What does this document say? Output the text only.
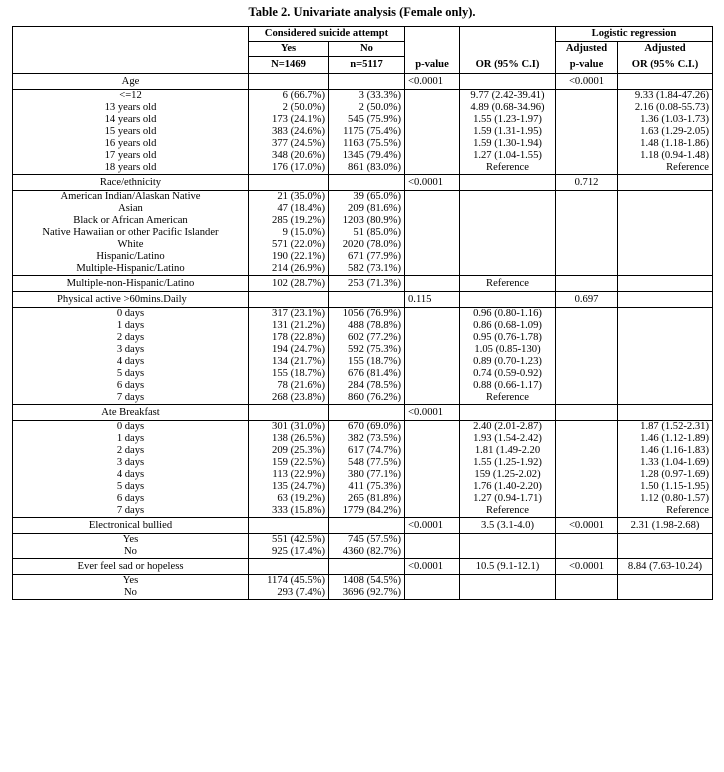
Table 2. Univariate analysis (Female only).
	Considered suicide attempt				Logistic regression	
	Yes	No			Adjusted	Adjusted
	N=1469	n=5117	p-value	OR (95% C.I)	p-value	OR (95% C.I.)
Age			<0.0001		<0.0001	
<=12	6 (66.7%)	3 (33.3%)		9.77 (2.42-39.41)		9.33 (1.84-47.26)
13 years old	2 (50.0%)	2 (50.0%)		4.89 (0.68-34.96)		2.16 (0.08-55.73)
14 years old	173 (24.1%)	545 (75.9%)		1.55 (1.23-1.97)		1.36 (1.03-1.73)
15 years old	383 (24.6%)	1175 (75.4%)		1.59 (1.31-1.95)		1.63 (1.29-2.05)
16 years old	377 (24.5%)	1163 (75.5%)		1.59 (1.30-1.94)		1.48 (1.18-1.86)
17 years old	348 (20.6%)	1345 (79.4%)		1.27 (1.04-1.55)		1.18 (0.94-1.48)
18 years old	176 (17.0%)	861 (83.0%)		Reference		Reference
Race/ethnicity			<0.0001		0.712	
American Indian/Alaskan Native	21 (35.0%)	39 (65.0%)				
Asian	47 (18.4%)	209 (81.6%)				
Black or African American	285 (19.2%)	1203 (80.9%)				
Native Hawaiian or other Pacific Islander	9 (15.0%)	51 (85.0%)				
White	571 (22.0%)	2020 (78.0%)				
Hispanic/Latino	190 (22.1%)	671 (77.9%)				
Multiple-Hispanic/Latino	214 (26.9%)	582 (73.1%)				
Multiple-non-Hispanic/Latino	102 (28.7%)	253 (71.3%)		Reference		
Physical active >60mins.Daily			0.115		0.697	
0 days	317 (23.1%)	1056 (76.9%)		0.96 (0.80-1.16)		
1 days	131 (21.2%)	488 (78.8%)		0.86 (0.68-1.09)		
2 days	178 (22.8%)	602 (77.2%)		0.95 (0.76-1.78)		
3 days	194 (24.7%)	592 (75.3%)		1.05 (0.85-130)		
4 days	134 (21.7%)	155 (18.7%)		0.89 (0.70-1.23)		
5 days	155 (18.7%)	676 (81.4%)		0.74 (0.59-0.92)		
6 days	78 (21.6%)	284 (78.5%)		0.88 (0.66-1.17)		
7 days	268 (23.8%)	860 (76.2%)		Reference		
Ate Breakfast			<0.0001			
0 days	301 (31.0%)	670 (69.0%)		2.40 (2.01-2.87)		1.87 (1.52-2.31)
1 days	138 (26.5%)	382 (73.5%)		1.93 (1.54-2.42)		1.46 (1.12-1.89)
2 days	209 (25.3%)	617 (74.7%)		1.81 (1.49-2.20		1.46 (1.16-1.83)
3 days	159 (22.5%)	548 (77.5%)		1.55 (1.25-1.92)		1.33 (1.04-1.69)
4 days	113 (22.9%)	380 (77.1%)		159 (1.25-2.02)		1.28 (0.97-1.69)
5 days	135 (24.7%)	411 (75.3%)		1.76 (1.40-2.20)		1.50 (1.15-1.95)
6 days	63 (19.2%)	265 (81.8%)		1.27 (0.94-1.71)		1.12 (0.80-1.57)
7 days	333 (15.8%)	1779 (84.2%)		Reference		Reference
Electronical bullied			<0.0001	3.5 (3.1-4.0)	<0.0001	2.31 (1.98-2.68)
Yes	551 (42.5%)	745 (57.5%)				
No	925 (17.4%)	4360 (82.7%)				
Ever feel sad or hopeless			<0.0001	10.5 (9.1-12.1)	<0.0001	8.84 (7.63-10.24)
Yes	1174 (45.5%)	1408 (54.5%)				
No	293 (7.4%)	3696 (92.7%)				
